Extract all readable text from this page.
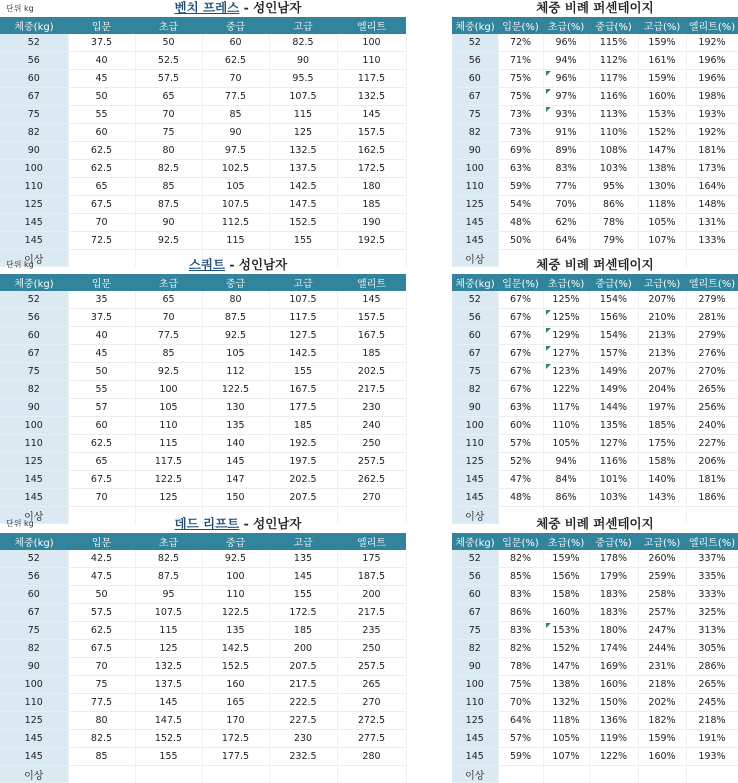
벤치 프레스 - 성인남자	체중 비례 퍼센테이지
체중(kg)	입문	초급	중급	고급	엘리트
52	37.5	50	60	82.5	100
56	40	52.5	62.5	90	110
60	45	57.5	70	95.5	117.5
67	50	65	77.5	107.5	132.5
75	55	70	85	115	145
82	60	75	90	125	157.5
90	62.5	80	97.5	132.5	162.5
100	62.5	82.5	102.5	137.5	172.5
110	65	85	105	142.5	180
125	67.5	87.5	107.5	147.5	185
145	70	90	112.5	152.5	190
145	72.5	92.5	115	155	192.5
이상					
체중(kg)	입문(%)	초급(%)	중급(%)	고급(%)	엘리트(%)
52	72%	96%	115%	159%	192%
56	71%	94%	112%	161%	196%
60	75%	96%	117%	159%	196%
67	75%	97%	116%	160%	198%
75	73%	93%	113%	153%	193%
82	73%	91%	110%	152%	192%
90	69%	89%	108%	147%	181%
100	63%	83%	103%	138%	173%
110	59%	77%	95%	130%	164%
125	54%	70%	86%	118%	148%
145	48%	62%	78%	105%	131%
145	50%	64%	79%	107%	133%
이상					
단위 kg	스쿼트 - 성인남자	체중 비례 퍼센테이지
체중(kg)	입문	초급	중급	고급	엘리트
52	35	65	80	107.5	145
56	37.5	70	87.5	117.5	157.5
60	40	77.5	92.5	127.5	167.5
67	45	85	105	142.5	185
75	50	92.5	112	155	202.5
82	55	100	122.5	167.5	217.5
90	57	105	130	177.5	230
100	60	110	135	185	240
110	62.5	115	140	192.5	250
125	65	117.5	145	197.5	257.5
145	67.5	122.5	147	202.5	262.5
145	70	125	150	207.5	270
이상					
체중(kg)	입문(%)	초급(%)	중급(%)	고급(%)	엘리트(%)
52	67%	125%	154%	207%	279%
56	67%	125%	156%	210%	281%
60	67%	129%	154%	213%	279%
67	67%	127%	157%	213%	276%
75	67%	123%	149%	207%	270%
82	67%	122%	149%	204%	265%
90	63%	117%	144%	197%	256%
100	60%	110%	135%	185%	240%
110	57%	105%	127%	175%	227%
125	52%	94%	116%	158%	206%
145	47%	84%	101%	140%	181%
145	48%	86%	103%	143%	186%
이상					
단위 kg	데드 리프트 - 성인남자	체중 비례 퍼센테이지
체중(kg)	입문	초급	중급	고급	엘리트
52	42.5	82.5	92.5	135	175
56	47.5	87.5	100	145	187.5
60	50	95	110	155	200
67	57.5	107.5	122.5	172.5	217.5
75	62.5	115	135	185	235
82	67.5	125	142.5	200	250
90	70	132.5	152.5	207.5	257.5
100	75	137.5	160	217.5	265
110	77.5	145	165	222.5	270
125	80	147.5	170	227.5	272.5
145	82.5	152.5	172.5	230	277.5
145	85	155	177.5	232.5	280
이상					
체중(kg)	입문(%)	초급(%)	중급(%)	고급(%)	엘리트(%)
52	82%	159%	178%	260%	337%
56	85%	156%	179%	259%	335%
60	83%	158%	183%	258%	333%
67	86%	160%	183%	257%	325%
75	83%	153%	180%	247%	313%
82	82%	152%	174%	244%	305%
90	78%	147%	169%	231%	286%
100	75%	138%	160%	218%	265%
110	70%	132%	150%	202%	245%
125	64%	118%	136%	182%	218%
145	57%	105%	119%	159%	191%
145	59%	107%	122%	160%	193%
이상					
단위 kg
